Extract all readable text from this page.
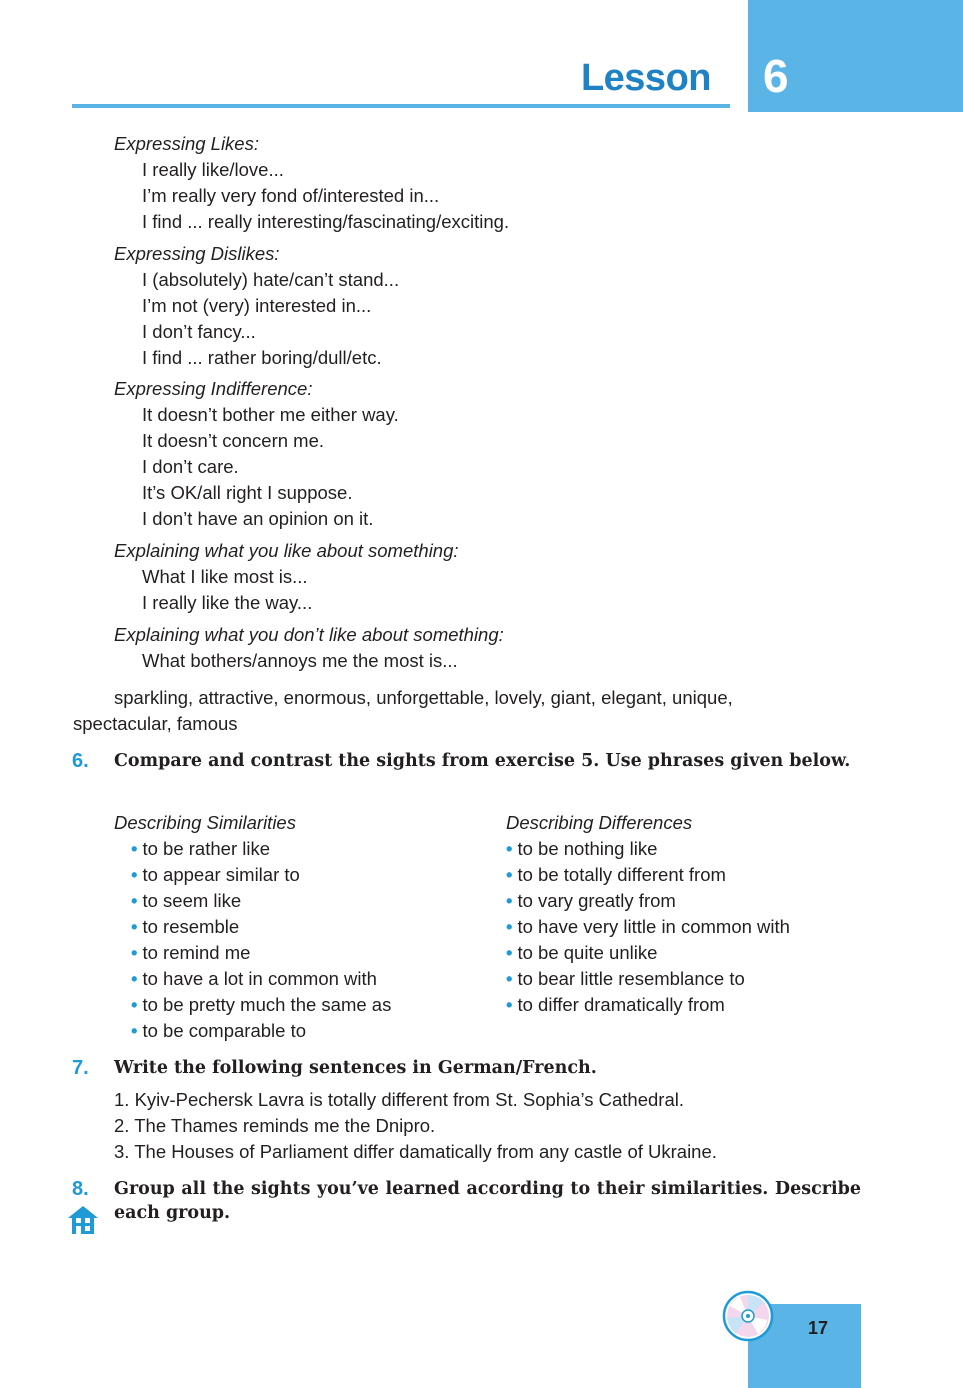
Lesson 6
Expressing Likes:
I really like/love...
I’m really very fond of/interested in...
I find ... really interesting/fascinating/exciting.
Expressing Dislikes:
I (absolutely) hate/can’t stand...
I’m not (very) interested in...
I don’t fancy...
I find ... rather boring/dull/etc.
Expressing Indifference:
It doesn’t bother me either way.
It doesn’t concern me.
I don’t care.
It’s OK/all right I suppose.
I don’t have an opinion on it.
Explaining what you like about something:
What I like most is...
I really like the way...
Explaining what you don’t like about something:
What bothers/annoys me the most is...
sparkling, attractive, enormous, unforgettable, lovely, giant, elegant, unique,
spectacular, famous
6. Compare and contrast the sights from exercise 5. Use phrases given below.
Describing Similarities
• to be rather like
• to appear similar to
• to seem like
• to resemble
• to remind me
• to have a lot in common with
• to be pretty much the same as
• to be comparable to
Describing Differences
• to be nothing like
• to be totally different from
• to vary greatly from
• to have very little in common with
• to be quite unlike
• to bear little resemblance to
• to differ dramatically from
7. Write the following sentences in German/French.
1. Kyiv-Pechersk Lavra is totally different from St. Sophia’s Cathedral.
2. The Thames reminds me the Dnipro.
3. The Houses of Parliament differ damatically from any castle of Ukraine.
8. Group all the sights you’ve learned according to their similarities. Describe each group.
17
